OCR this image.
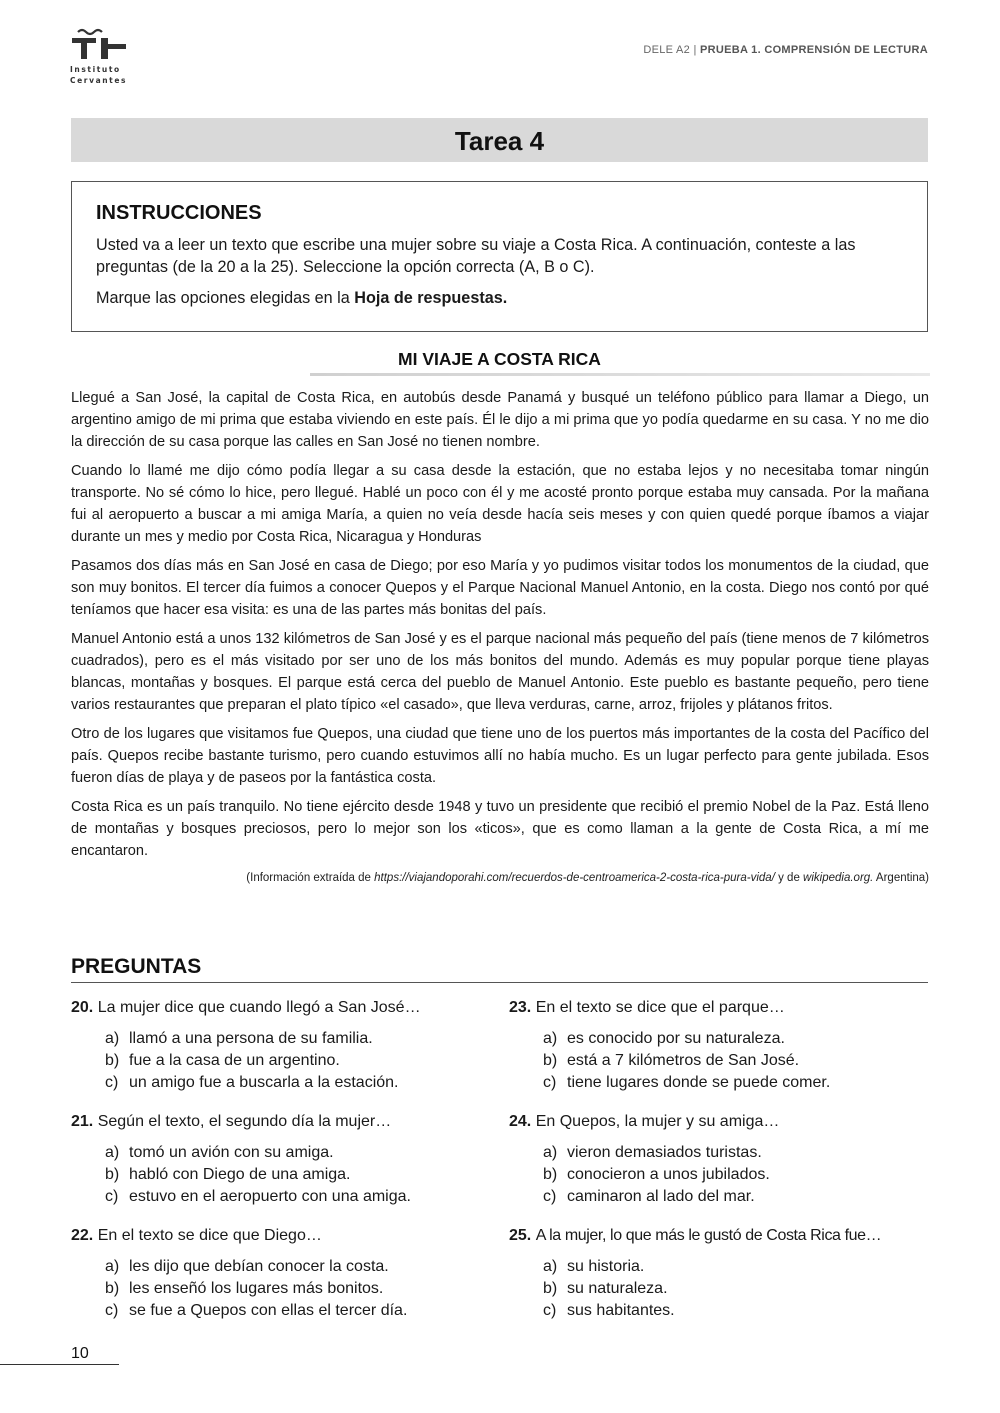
Instituto
Cervantes
DELE A2 | PRUEBA 1. COMPRENSIÓN DE LECTURA
Tarea 4
INSTRUCCIONES

Usted va a leer un texto que escribe una mujer sobre su viaje a Costa Rica. A continuación, conteste a las preguntas (de la 20 a la 25). Seleccione la opción correcta (A, B o C).

Marque las opciones elegidas en la Hoja de respuestas.

MI VIAJE A COSTA RICA

Llegué a San José, la capital de Costa Rica, en autobús desde Panamá y busqué un teléfono público para llamar a Diego, un argentino amigo de mi prima que estaba viviendo en este país. Él le dijo a mi prima que yo podía quedarme en su casa. Y no me dio la dirección de su casa porque las calles en San José no tienen nombre.

Cuando lo llamé me dijo cómo podía llegar a su casa desde la estación, que no estaba lejos y no necesitaba tomar ningún transporte. No sé cómo lo hice, pero llegué. Hablé un poco con él y me acosté pronto porque estaba muy cansada. Por la mañana fui al aeropuerto a buscar a mi amiga María, a quien no veía desde hacía seis meses y con quien quedé porque íbamos a viajar durante un mes y medio por Costa Rica, Nicaragua y Honduras

Pasamos dos días más en San José en casa de Diego; por eso María y yo pudimos visitar todos los monumentos de la ciudad, que son muy bonitos. El tercer día fuimos a conocer Quepos y el Parque Nacional Manuel Antonio, en la costa. Diego nos contó por qué teníamos que hacer esa visita: es una de las partes más bonitas del país.

Manuel Antonio está a unos 132 kilómetros de San José y es el parque nacional más pequeño del país (tiene menos de 7 kilómetros cuadrados), pero es el más visitado por ser uno de los más bonitos del mundo. Además es muy popular porque tiene playas blancas, montañas y bosques. El parque está cerca del pueblo de Manuel Antonio. Este pueblo es bastante pequeño, pero tiene varios restaurantes que preparan el plato típico «el casado», que lleva verduras, carne, arroz, frijoles y plátanos fritos.

Otro de los lugares que visitamos fue Quepos, una ciudad que tiene uno de los puertos más importantes de la costa del Pacífico del país. Quepos recibe bastante turismo, pero cuando estuvimos allí no había mucho. Es un lugar perfecto para gente jubilada. Esos fueron días de playa y de paseos por la fantástica costa.

Costa Rica es un país tranquilo. No tiene ejército desde 1948 y tuvo un presidente que recibió el premio Nobel de la Paz. Está lleno de montañas y bosques preciosos, pero lo mejor son los «ticos», que es como llaman a la gente de Costa Rica, a mí me encantaron.

(Información extraída de https://viajandoporahi.com/recuerdos-de-centroamerica-2-costa-rica-pura-vida/ y de wikipedia.org. Argentina)
PREGUNTAS
20. La mujer dice que cuando llegó a San José…
a) llamó a una persona de su familia.
b) fue a la casa de un argentino.
c) un amigo fue a buscarla a la estación.
21. Según el texto, el segundo día la mujer…
a) tomó un avión con su amiga.
b) habló con Diego de una amiga.
c) estuvo en el aeropuerto con una amiga.
22. En el texto se dice que Diego…
a) les dijo que debían conocer la costa.
b) les enseñó los lugares más bonitos.
c) se fue a Quepos con ellas el tercer día.
23. En el texto se dice que el parque…
a) es conocido por su naturaleza.
b) está a 7 kilómetros de San José.
c) tiene lugares donde se puede comer.
24. En Quepos, la mujer y su amiga…
a) vieron demasiados turistas.
b) conocieron a unos jubilados.
c) caminaron al lado del mar.
25. A la mujer, lo que más le gustó de Costa Rica fue…
a) su historia.
b) su naturaleza.
c) sus habitantes.
10
